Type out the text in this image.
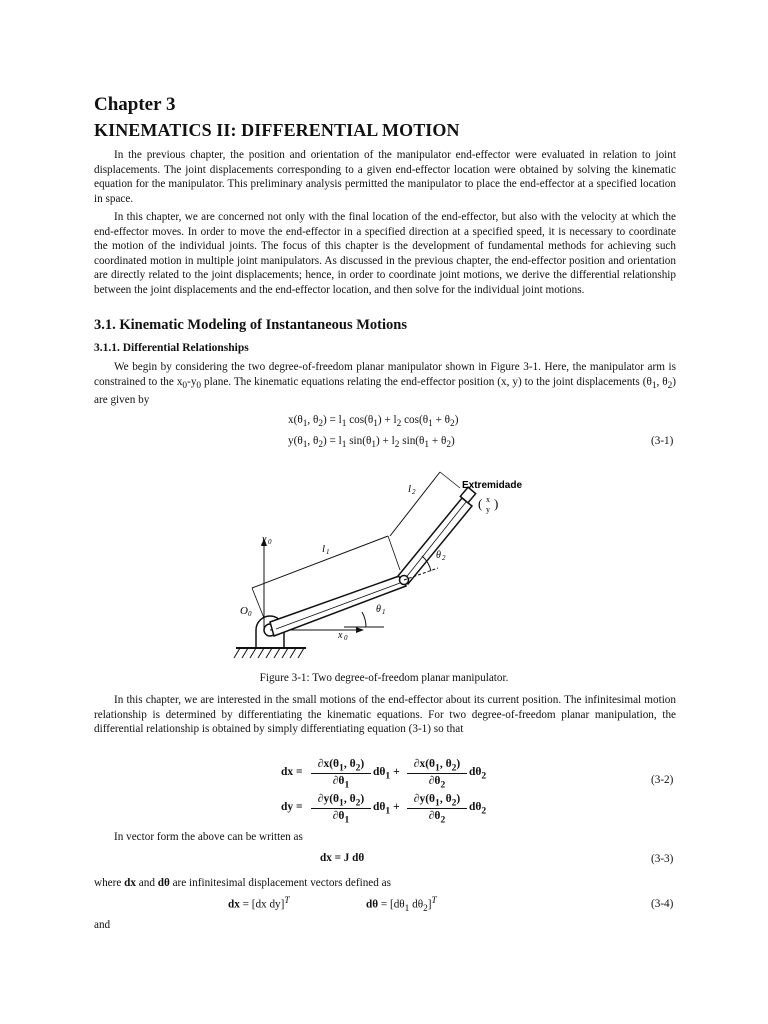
Chapter 3
KINEMATICS II: DIFFERENTIAL MOTION

In the previous chapter, the position and orientation of the manipulator end-effector were evaluated in relation to joint displacements. The joint displacements corresponding to a given end-effector location were obtained by solving the kinematic equation for the manipulator. This preliminary analysis permitted the manipulator to place the end-effector at a specified location in space.

In this chapter, we are concerned not only with the final location of the end-effector, but also with the velocity at which the end-effector moves. In order to move the end-effector in a specified direction at a specified speed, it is necessary to coordinate the motion of the individual joints. The focus of this chapter is the development of fundamental methods for achieving such coordinated motion in multiple joint manipulators. As discussed in the previous chapter, the end-effector position and orientation are directly related to the joint displacements; hence, in order to coordinate joint motions, we derive the differential relationship between the joint displacements and the end-effector location, and then solve for the individual joint motions.

3.1. Kinematic Modeling of Instantaneous Motions
3.1.1. Differential Relationships

We begin by considering the two degree-of-freedom planar manipulator shown in Figure 3-1. Here, the manipulator arm is constrained to the $x_0-y_0$ plane. The kinematic equations relating the end-effector position (x, y) to the joint displacements ($\theta_1$, $\theta_2$) are given by

$x(\theta_1$, $\theta_2) = l_1$ $\cos(\theta_1) + l_2$ $\cos(\theta_1 + \theta_2)$
$y(\theta_1$, $\theta_2) = l_1$ $\sin(\theta_1) + l_2$ $\sin(\theta_1 + \theta_2)$	(3-1)
y 0
O 0
x 0
l 1
l 2
θ 1
θ 2
Extremidade
( x
y )
Figure 3-1: Two degree-of-freedom planar manipulator.

In this chapter, we are interested in the small motions of the end-effector about its current position. The infinitesimal motion relationship is determined by differentiating the kinematic equations. For two degree-of-freedom planar manipulation, the differential relationship is obtained by simply differentiating equation (3-1) so that

dx =
$\partial x(\theta_1$, $\theta_2$)
$\partial\theta_1$
$d\theta_1$ +
$\partial x(\theta_1$, $\theta_2$)
$\partial\theta_2$
$d\theta_2$
dy =
$\partial y(\theta_1$, $\theta_2$)
$\partial\theta_1$
$d\theta_1$ +
$\partial y(\theta_1$, $\theta_2$)
$\partial\theta_2$
$d\theta_2$
(3-2)

In vector form the above can be written as

dx = J dθ	(3-3)
where dx and dθ are infinitesimal displacement vectors defined as
dx = [dx dy]$^T$	$d\theta = [d\theta_1$ $d\theta_2]^T$	(3-4)
and
